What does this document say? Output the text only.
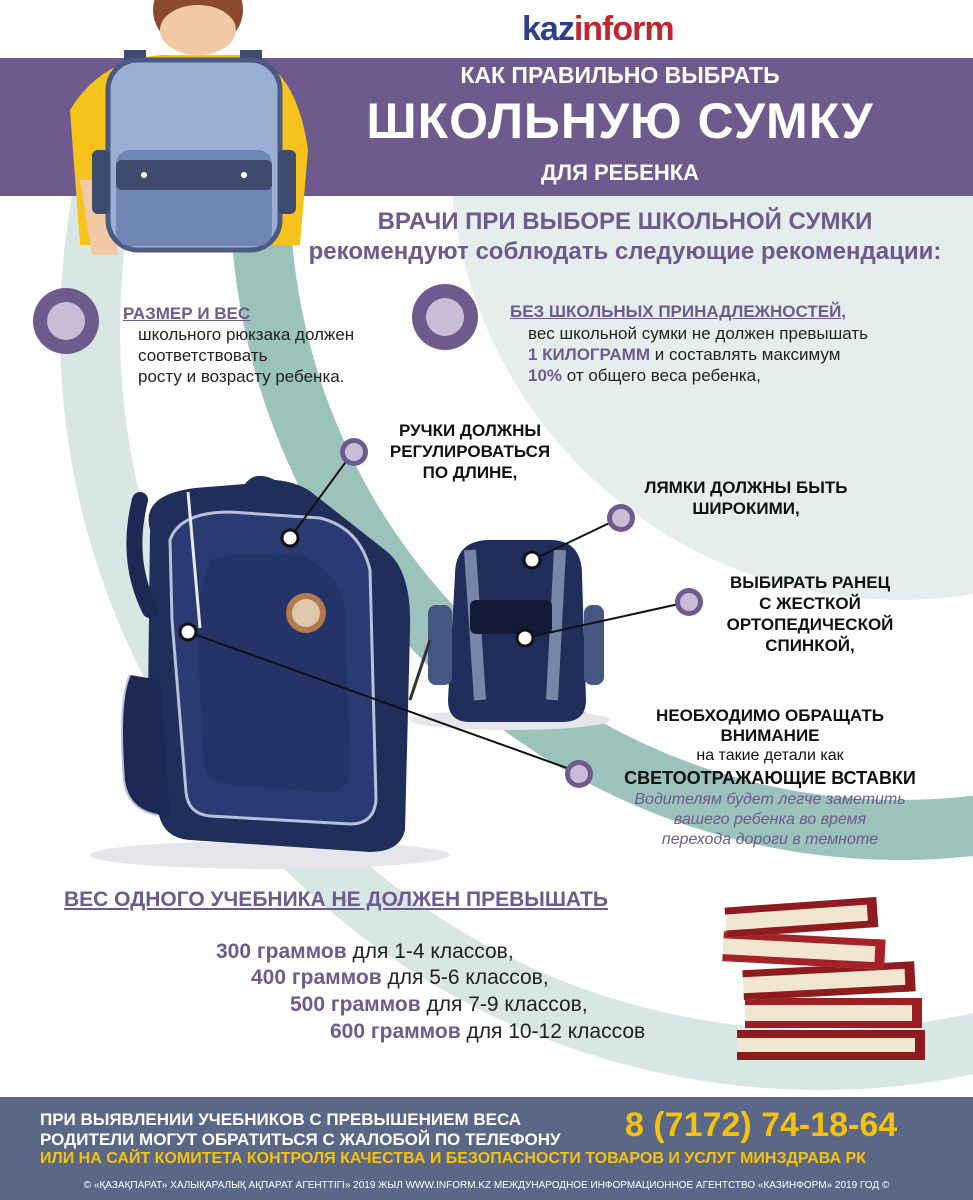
kazinform
КАК ПРАВИЛЬНО ВЫБРАТЬ
ШКОЛЬНУЮ СУМКУ
ДЛЯ РЕБЕНКА
ВРАЧИ ПРИ ВЫБОРЕ ШКОЛЬНОЙ СУМКИ
рекомендуют соблюдать следующие рекомендации:
РАЗМЕР И ВЕС
школьного рюкзака должен
соответствовать
росту и возрасту ребенка.
БЕЗ ШКОЛЬНЫХ ПРИНАДЛЕЖНОСТЕЙ,
вес школьной сумки не должен превышать
1 КИЛОГРАММ и составлять максимум
10% от общего веса ребенка,
РУЧКИ ДОЛЖНЫ
РЕГУЛИРОВАТЬСЯ
ПО ДЛИНЕ,
ЛЯМКИ ДОЛЖНЫ БЫТЬ
ШИРОКИМИ,
ВЫБИРАТЬ РАНЕЦ
С ЖЕСТКОЙ
ОРТОПЕДИЧЕСКОЙ
СПИНКОЙ,
НЕОБХОДИМО ОБРАЩАТЬ
ВНИМАНИЕ
на такие детали как
СВЕТООТРАЖАЮЩИЕ ВСТАВКИ
Водителям будет легче заметить
вашего ребенка во время
перехода дороги в темноте
ВЕС ОДНОГО УЧЕБНИКА НЕ ДОЛЖЕН ПРЕВЫШАТЬ
300 граммов для 1-4 классов,
400 граммов для 5-6 классов,
500 граммов для 7-9 классов,
600 граммов для 10-12 классов
ПРИ ВЫЯВЛЕНИИ УЧЕБНИКОВ С ПРЕВЫШЕНИЕМ ВЕСА
РОДИТЕЛИ МОГУТ ОБРАТИТЬСЯ С ЖАЛОБОЙ ПО ТЕЛЕФОНУ 8 (7172) 74-18-64
ИЛИ НА САЙТ КОМИТЕТА КОНТРОЛЯ КАЧЕСТВА И БЕЗОПАСНОСТИ ТОВАРОВ И УСЛУГ МИНЗДРАВА РК
© «ҚАЗАҚПАРАТ» ХАЛЫҚАРАЛЫҚ АҚПАРАТ АГЕНТТІГІ» 2019 ЖЫЛ WWW.INFORM.KZ МЕЖДУНАРОДНОЕ ИНФОРМАЦИОННОЕ АГЕНТСТВО «КАЗИНФОРМ» 2019 ГОД ©
